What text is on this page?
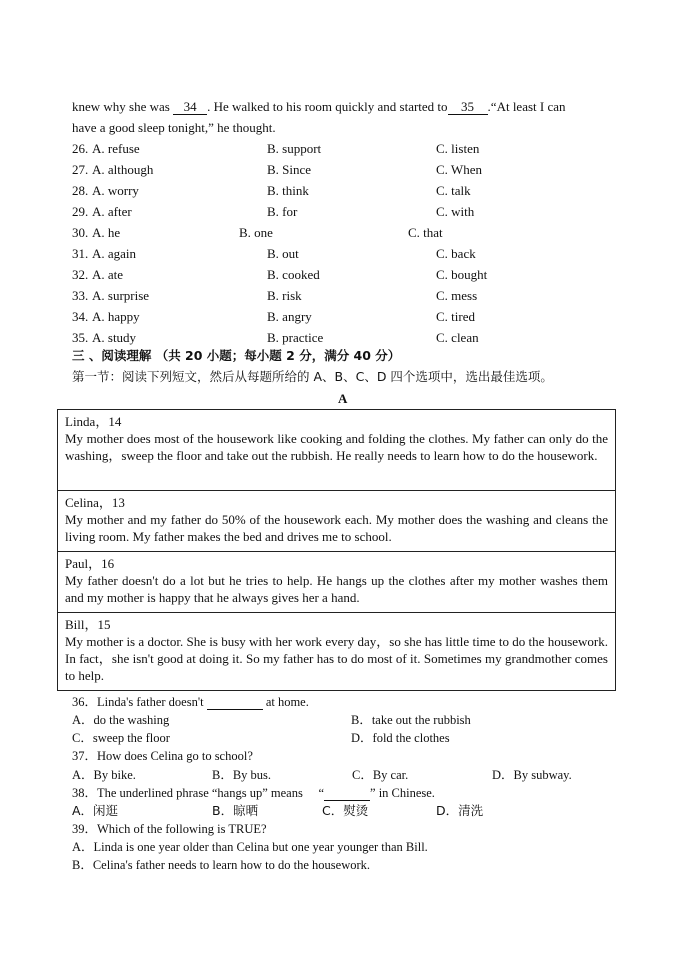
knew why she was 34 . He walked to his room quickly and started to 35 .“At least I can
have a good sleep tonight,” he thought.
26. A. refuse	B. support	C. listen
27. A. although	B. Since	C. When
28. A. worry	B. think	C. talk
29. A. after	B. for	C. with
30. A. he	B. one	C. that
31. A. again	B. out	C. back
32. A. ate	B. cooked	C. bought
33. A. surprise	B. risk	C. mess
34. A. happy	B. angry	C. tired
35. A. study	B. practice	C. clean
三 、阅读理解 （共 20 小题；每小题 2 分，满分 40 分）
第一节：阅读下列短文，然后从每题所给的 A、B、C、D 四个选项中，选出最佳选项。
A
Linda，14
My mother does most of the housework like cooking and folding the clothes. My father can only do the washing，sweep the floor and take out the rubbish. He really needs to learn how to do the housework.
Celina，13
My mother and my father do 50% of the housework each. My mother does the washing and cleans the living room. My father makes the bed and drives me to school.
Paul，16
My father doesn't do a lot but he tries to help. He hangs up the clothes after my mother washes them and my mother is happy that he always gives her a hand.
Bill，15
My mother is a doctor. She is busy with her work every day，so she has little time to do the housework. In fact，she isn't good at doing it. So my father has to do most of it. Sometimes my grandmother comes to help.
36．Linda's father doesn't	at home.
A．do the washing	B．take out the rubbish
C．sweep the floor	D．fold the clothes
37．How does Celina go to school?
A．By bike.	B．By bus.	C．By car.	D．By subway.
38．The underlined phrase “hangs up” means 　“	” in Chinese.
A．闲逛	B．晾晒	C．熨烫	D．清洗
39．Which of the following is TRUE?
A．Linda is one year older than Celina but one year younger than Bill.
B．Celina's father needs to learn how to do the housework.
